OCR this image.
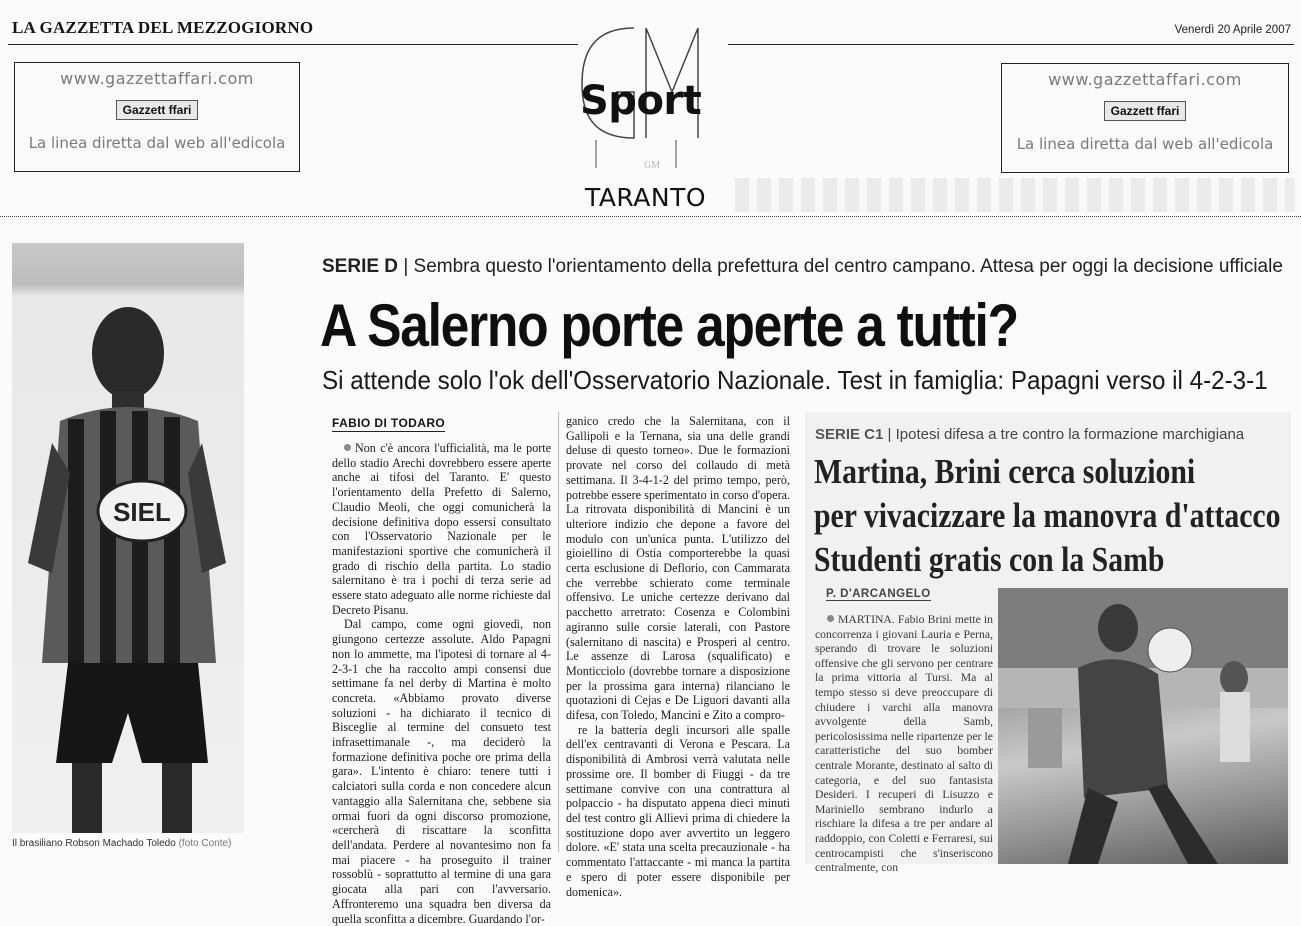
LA GAZZETTA DEL MEZZOGIORNO	Venerdì 20 Aprile 2007
www.gazzettaffari.com
Gazzett ffari
La linea diretta dal web all'edicola
www.gazzettaffari.com
Gazzett ffari
La linea diretta dal web all'edicola
GM
Sport
TARANTO
SIEL
Il brasiliano Robson Machado Toledo (foto Conte)
SERIE D | Sembra questo l'orientamento della prefettura del centro campano. Attesa per oggi la decisione ufficiale
A Salerno porte aperte a tutti?
Si attende solo l'ok dell'Osservatorio Nazionale. Test in famiglia: Papagni verso il 4-2-3-1
FABIO DI TODARO

Non c'è ancora l'ufficialità, ma le porte dello stadio Arechi dovrebbero essere aperte anche ai tifosi del Taranto. E' questo l'orientamento della Prefetto di Salerno, Claudio Meoli, che oggi comunicherà la decisione definitiva dopo essersi consultato con l'Osservatorio Nazionale per le manifestazioni sportive che comunicherà il grado di rischio della partita. Lo stadio salernitano è tra i pochi di terza serie ad essere stato adeguato alle norme richieste dal Decreto Pisanu.

Dal campo, come ogni giovedì, non giungono certezze assolute. Aldo Papagni non lo ammette, ma l'ipotesi di tornare al 4-2-3-1 che ha raccolto ampi consensi due settimane fa nel derby di Martina è molto concreta. «Abbiamo provato diverse soluzioni - ha dichiarato il tecnico di Bisceglie al termine del consueto test infrasettimanale -, ma deciderò la formazione definitiva poche ore prima della gara». L'intento è chiaro: tenere tutti i calciatori sulla corda e non concedere alcun vantaggio alla Salernitana che, sebbene sia ormai fuori da ogni discorso promozione, «cercherà di riscattare la sconfitta dell'andata. Perdere al novantesimo non fa mai piacere - ha proseguito il trainer rossoblù - soprattutto al termine di una gara giocata alla pari con l'avversario. Affronteremo una squadra ben diversa da quella sconfitta a dicembre. Guardando l'or-

ganico credo che la Salernitana, con il Gallipoli e la Ternana, sia una delle grandi deluse di questo torneo». Due le formazioni provate nel corso del collaudo di metà settimana. Il 3-4-1-2 del primo tempo, però, potrebbe essere sperimentato in corso d'opera. La ritrovata disponibilità di Mancini è un ulteriore indizio che depone a favore del modulo con un'unica punta. L'utilizzo del gioiellino di Ostia comporterebbe la quasi certa esclusione di Deflorio, con Cammarata che verrebbe schierato come terminale offensivo. Le uniche certezze derivano dal pacchetto arretrato: Cosenza e Colombini agiranno sulle corsie laterali, con Pastore (salernitano di nascita) e Prosperi al centro. Le assenze di Larosa (squalificato) e Monticciolo (dovrebbe tornare a disposizione per la prossima gara interna) rilanciano le quotazioni di Cejas e De Liguori davanti alla difesa, con Toledo, Mancini e Zito a compro-

re la batteria degli incursori alle spalle dell'ex centravanti di Verona e Pescara. La disponibilità di Ambrosi verrà valutata nelle prossime ore. Il bomber di Fiuggi - da tre settimane convive con una contrattura al polpaccio - ha disputato appena dieci minuti del test contro gli Allievi prima di chiedere la sostituzione dopo aver avvertito un leggero dolore. «E' stata una scelta precauzionale - ha commentato l'attaccante - mi manca la partita e spero di poter essere disponibile per domenica».

SERIE C1 | Ipotesi difesa a tre contro la formazione marchigiana
Martina, Brini cerca soluzioni
per vivacizzare la manovra d'attacco
Studenti gratis con la Samb
P. D'ARCANGELO

MARTINA. Fabio Brini mette in concorrenza i giovani Lauria e Perna, sperando di trovare le soluzioni offensive che gli servono per centrare la prima vittoria al Tursi. Ma al tempo stesso si deve preoccupare di chiudere i varchi alla manovra avvolgente della Samb, pericolosissima nelle ripartenze per le caratteristiche del suo bomber centrale Morante, destinato al salto di categoria, e del suo fantasista Desideri. I recuperi di Lisuzzo e Mariniello sembrano indurlo a rischiare la difesa a tre per andare al raddoppio, con Coletti e Ferraresi, sui centrocampisti che s'inseriscono centralmente, con
